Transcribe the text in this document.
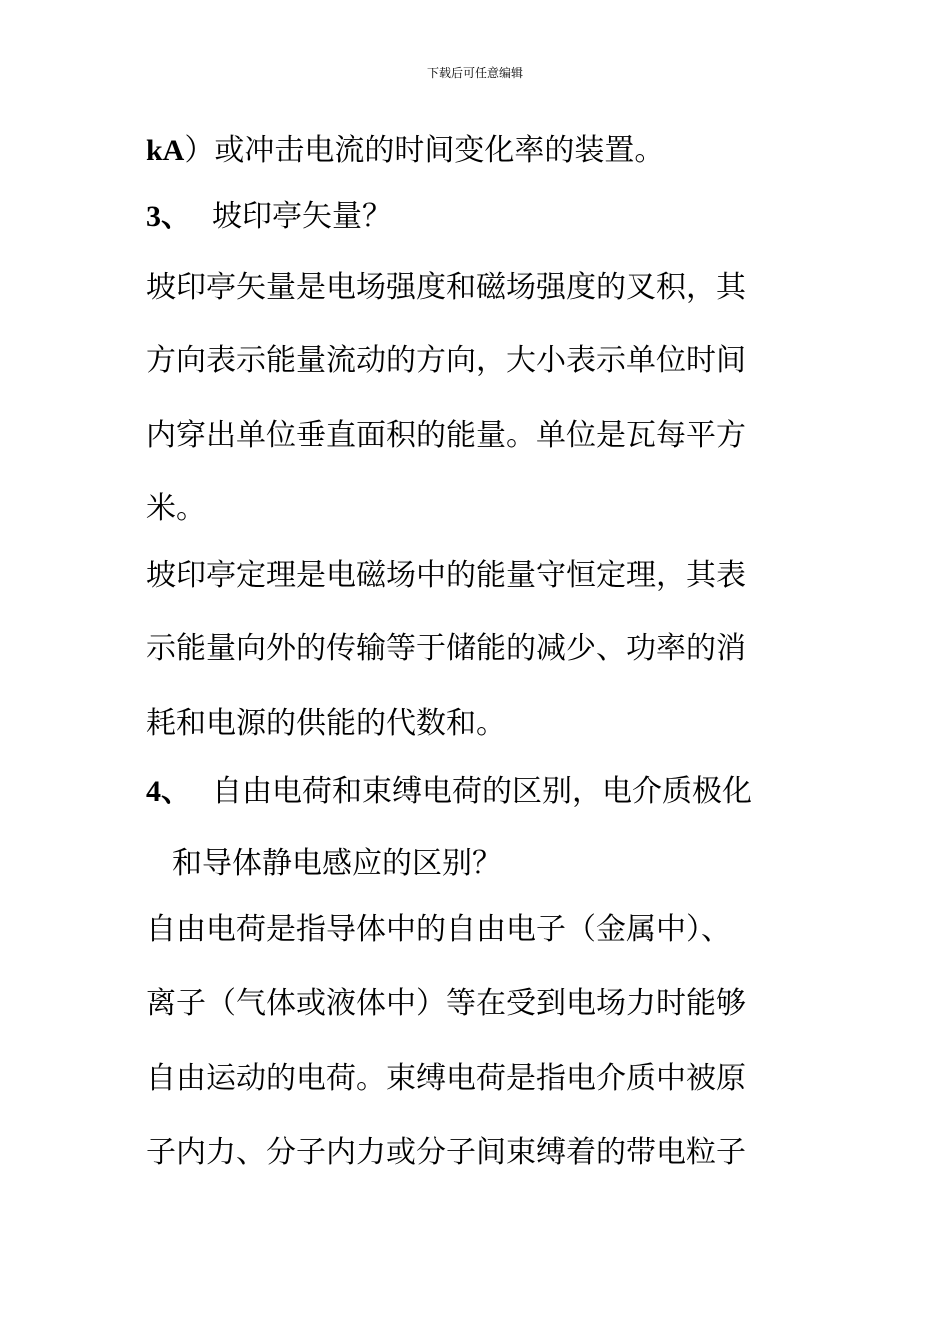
下载后可任意编辑
kA）或冲击电流的时间变化率的装置。
3、 坡印亭矢量？
坡印亭矢量是电场强度和磁场强度的叉积，其
方向表示能量流动的方向，大小表示单位时间
内穿出单位垂直面积的能量。单位是瓦每平方
米。
坡印亭定理是电磁场中的能量守恒定理，其表
示能量向外的传输等于储能的减少、功率的消
耗和电源的供能的代数和。
4、 自由电荷和束缚电荷的区别，电介质极化
和导体静电感应的区别？
自由电荷是指导体中的自由电子（金属中）、
离子（气体或液体中）等在受到电场力时能够
自由运动的电荷。束缚电荷是指电介质中被原
子内力、分子内力或分子间束缚着的带电粒子
